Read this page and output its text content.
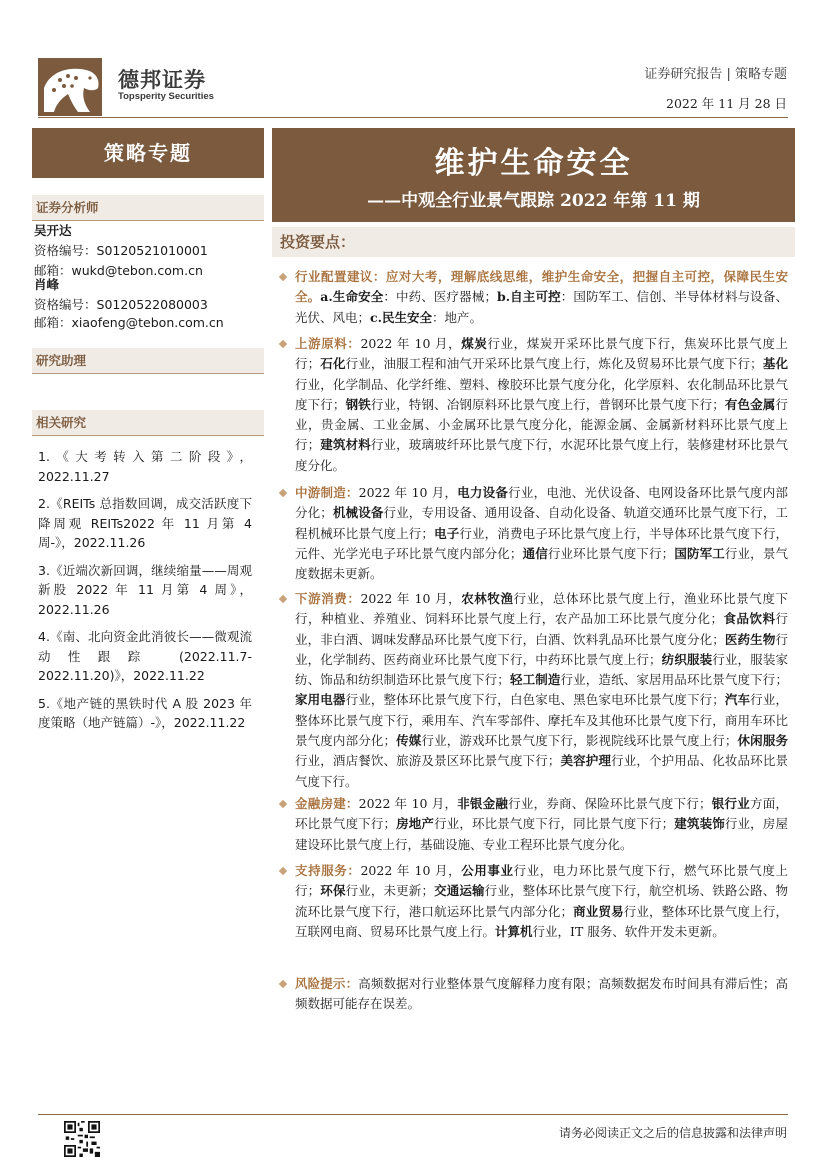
德邦证券
Topsperity Securities
证券研究报告 | 策略专题
2022 年 11 月 28 日
策略专题
证券分析师
吴开达
资格编号：S0120521010001
邮箱：wukd@tebon.com.cn
肖峰
资格编号：S0120522080003
邮箱：xiaofeng@tebon.com.cn
研究助理
相关研究
1.《大考转入第二阶段》，2022.11.27
2.《REITs 总指数回调，成交活跃度下降周观 REITs2022 年 11 月第 4 周-》，2022.11.26
3.《近端次新回调，继续缩量——周观新股 2022 年 11 月第 4 周》，2022.11.26
4.《南、北向资金此消彼长——微观流动性跟踪 (2022.11.7-2022.11.20)》，2022.11.22
5.《地产链的黑铁时代 A 股 2023 年度策略（地产链篇）-》，2022.11.22
维护生命安全
——中观全行业景气跟踪 2022 年第 11 期
投资要点：
行业配置建议：应对大考，理解底线思维，维护生命安全，把握自主可控，保障民生安全。a.生命安全：中药、医疗器械；b.自主可控：国防军工、信创、半导体材料与设备、光伏、风电；c.民生安全：地产。
上游原料：2022 年 10 月，煤炭行业，煤炭开采环比景气度下行，焦炭环比景气度上行；石化行业，油服工程和油气开采环比景气度上行，炼化及贸易环比景气度下行；基化行业，化学制品、化学纤维、塑料、橡胶环比景气度分化，化学原料、农化制品环比景气度下行；钢铁行业，特钢、冶钢原料环比景气度上行，普钢环比景气度下行；有色金属行业，贵金属、工业金属、小金属环比景气度分化，能源金属、金属新材料环比景气度上行；建筑材料行业，玻璃玻纤环比景气度下行，水泥环比景气度上行，装修建材环比景气度分化。
中游制造：2022 年 10 月，电力设备行业，电池、光伏设备、电网设备环比景气度内部分化；机械设备行业，专用设备、通用设备、自动化设备、轨道交通环比景气度下行，工程机械环比景气度上行；电子行业，消费电子环比景气度上行，半导体环比景气度下行，元件、光学光电子环比景气度内部分化；通信行业环比景气度下行；国防军工行业，景气度数据未更新。
下游消费：2022 年 10 月，农林牧渔行业，总体环比景气度上行，渔业环比景气度下行，种植业、养殖业、饲料环比景气度上行，农产品加工环比景气度分化；食品饮料行业，非白酒、调味发酵品环比景气度下行，白酒、饮料乳品环比景气度分化；医药生物行业，化学制药、医药商业环比景气度下行，中药环比景气度上行；纺织服装行业，服装家纺、饰品和纺织制造环比景气度下行；轻工制造行业，造纸、家居用品环比景气度下行；家用电器行业，整体环比景气度下行，白色家电、黑色家电环比景气度下行；汽车行业，整体环比景气度下行，乘用车、汽车零部件、摩托车及其他环比景气度下行，商用车环比景气度内部分化；传媒行业，游戏环比景气度下行，影视院线环比景气度上行；休闲服务行业，酒店餐饮、旅游及景区环比景气度下行；美容护理行业，个护用品、化妆品环比景气度下行。
金融房建：2022 年 10 月，非银金融行业，券商、保险环比景气度下行；银行业方面，环比景气度下行；房地产行业，环比景气度下行，同比景气度下行；建筑装饰行业，房屋建设环比景气度上行，基础设施、专业工程环比景气度分化。
支持服务：2022 年 10 月，公用事业行业，电力环比景气度下行，燃气环比景气度上行；环保行业，未更新；交通运输行业，整体环比景气度下行，航空机场、铁路公路、物流环比景气度下行，港口航运环比景气内部分化；商业贸易行业，整体环比景气度上行，互联网电商、贸易环比景气度上行。计算机行业，IT 服务、软件开发未更新。
风险提示：高频数据对行业整体景气度解释力度有限；高频数据发布时间具有滞后性；高频数据可能存在误差。
请务必阅读正文之后的信息披露和法律声明
